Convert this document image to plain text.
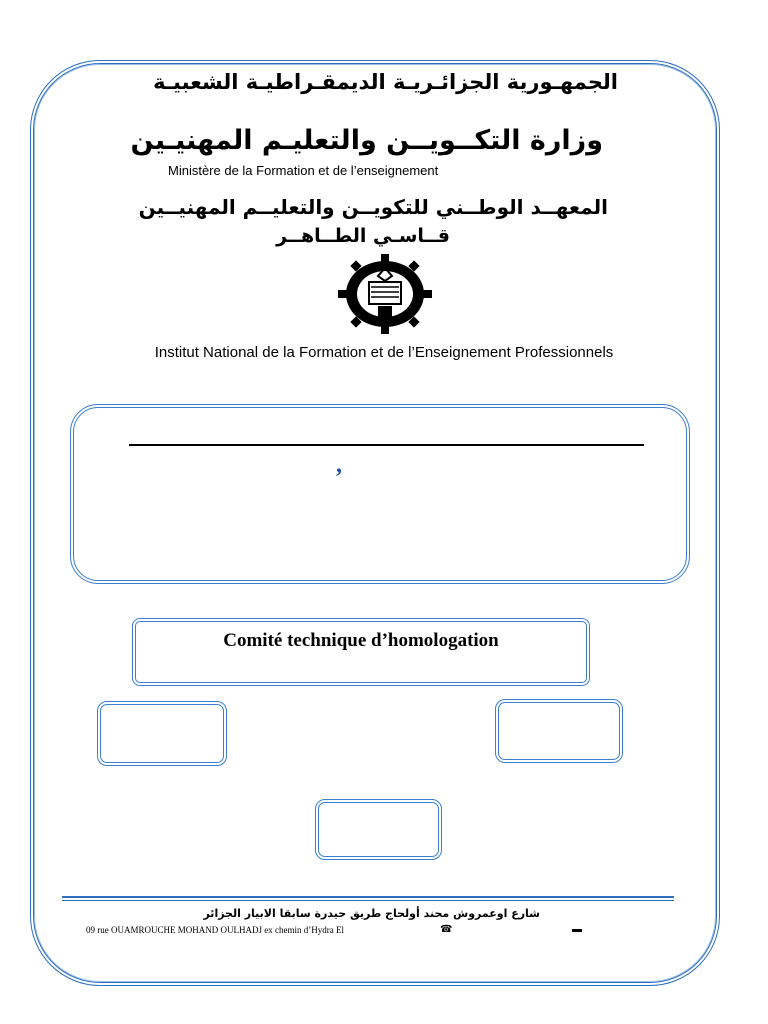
الجمهـورية الجزائـريـة الديمقـراطيـة الشعبيـة
وزارة التكــويــن والتعليـم المهنيـين
Ministère de la Formation et de l’enseignement
المعهــد الوطــني للتكويــن والتعليــم المهنيــين
قــاسـي الطــاهــر
Institut National de la Formation et de l’Enseignement Professionnels
,
Comité technique d’homologation
شارع اوعمروش محند أولحاج طريق حيدرة سابقا الابيار الجزائر
09 rue OUAMROUCHE MOHAND OULHADJ ex chemin d’Hydra El	☎	▬
